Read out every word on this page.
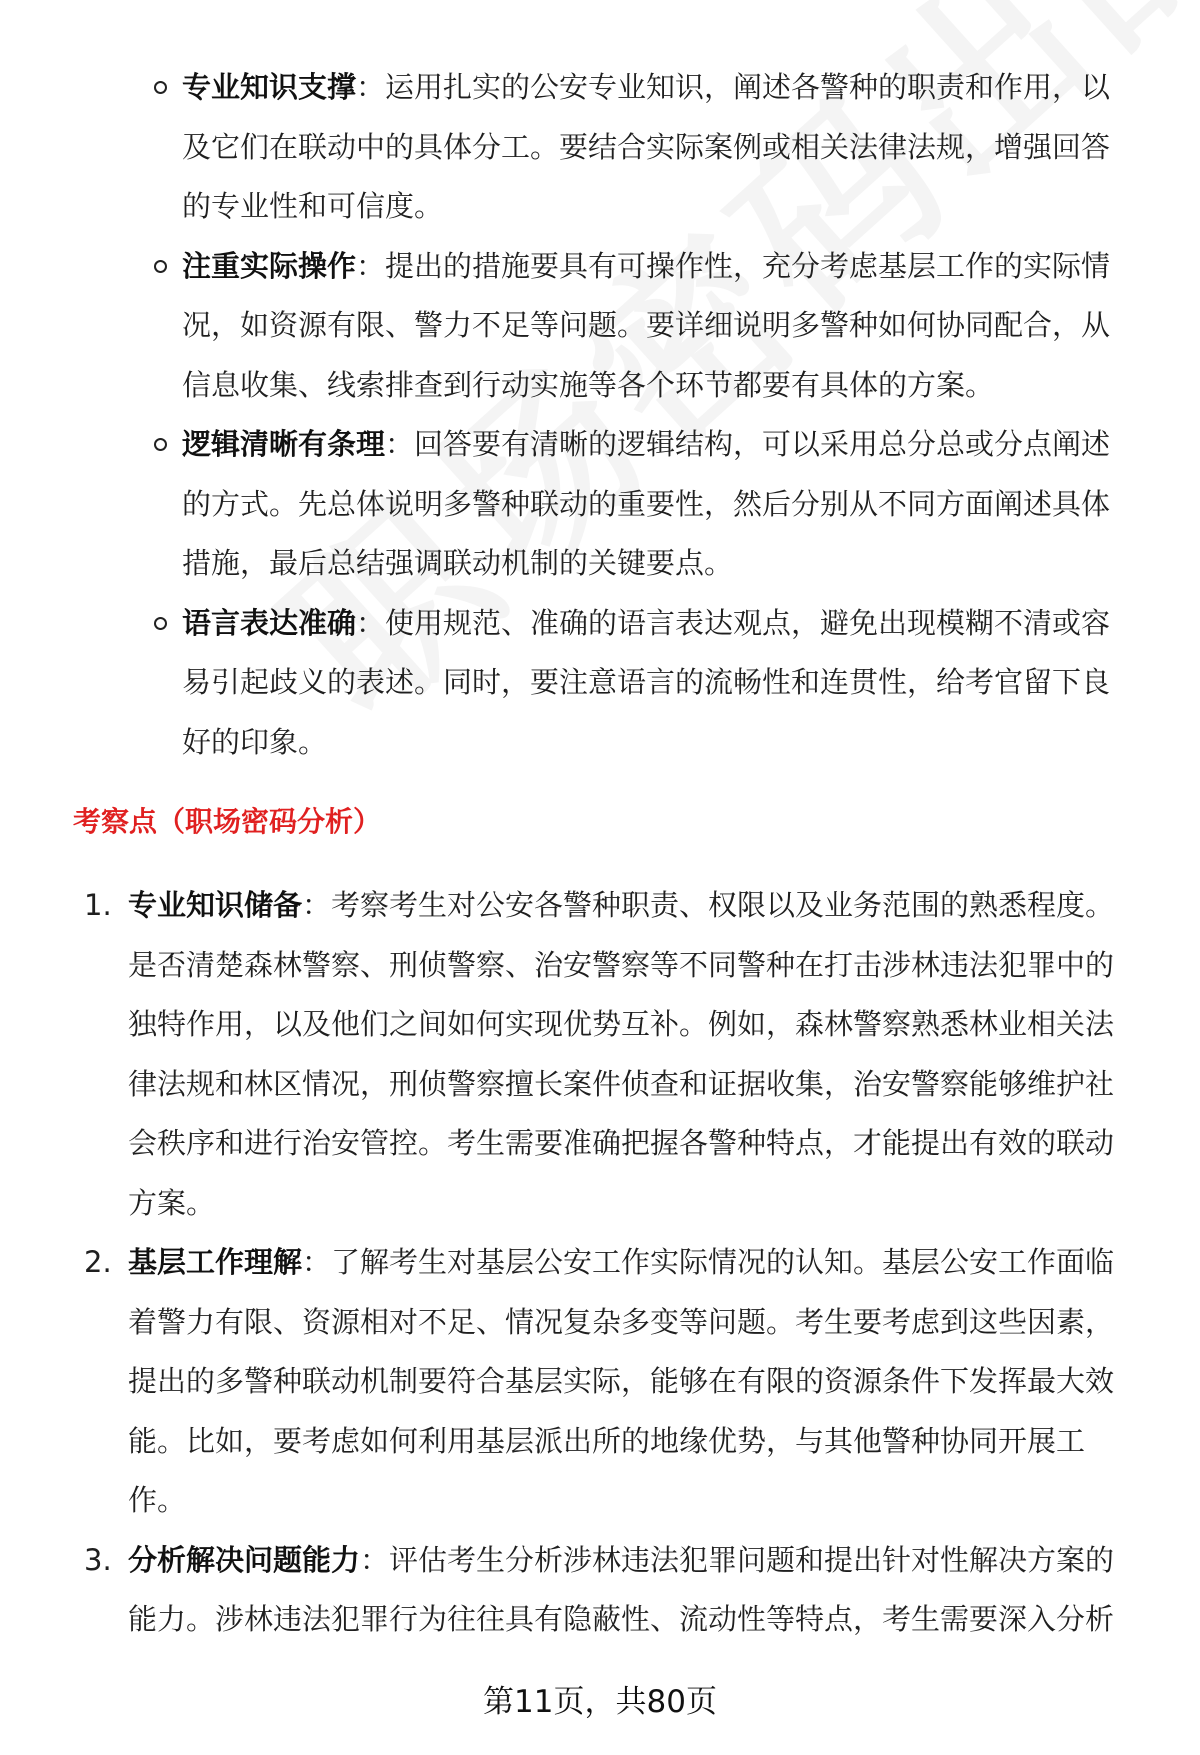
专业知识支撑：运用扎实的公安专业知识，阐述各警种的职责和作用，以及它们在联动中的具体分工。要结合实际案例或相关法律法规，增强回答的专业性和可信度。
注重实际操作：提出的措施要具有可操作性，充分考虑基层工作的实际情况，如资源有限、警力不足等问题。要详细说明多警种如何协同配合，从信息收集、线索排查到行动实施等各个环节都要有具体的方案。
逻辑清晰有条理：回答要有清晰的逻辑结构，可以采用总分总或分点阐述的方式。先总体说明多警种联动的重要性，然后分别从不同方面阐述具体措施，最后总结强调联动机制的关键要点。
语言表达准确：使用规范、准确的语言表达观点，避免出现模糊不清或容易引起歧义的表述。同时，要注意语言的流畅性和连贯性，给考官留下良好的印象。
考察点（职场密码分析）
1. 专业知识储备：考察考生对公安各警种职责、权限以及业务范围的熟悉程度。是否清楚森林警察、刑侦警察、治安警察等不同警种在打击涉林违法犯罪中的独特作用，以及他们之间如何实现优势互补。例如，森林警察熟悉林业相关法律法规和林区情况，刑侦警察擅长案件侦查和证据收集，治安警察能够维护社会秩序和进行治安管控。考生需要准确把握各警种特点，才能提出有效的联动方案。
2. 基层工作理解：了解考生对基层公安工作实际情况的认知。基层公安工作面临着警力有限、资源相对不足、情况复杂多变等问题。考生要考虑到这些因素，提出的多警种联动机制要符合基层实际，能够在有限的资源条件下发挥最大效能。比如，要考虑如何利用基层派出所的地缘优势，与其他警种协同开展工作。
3. 分析解决问题能力：评估考生分析涉林违法犯罪问题和提出针对性解决方案的能力。涉林违法犯罪行为往往具有隐蔽性、流动性等特点，考生需要深入分析
第11页，共80页
